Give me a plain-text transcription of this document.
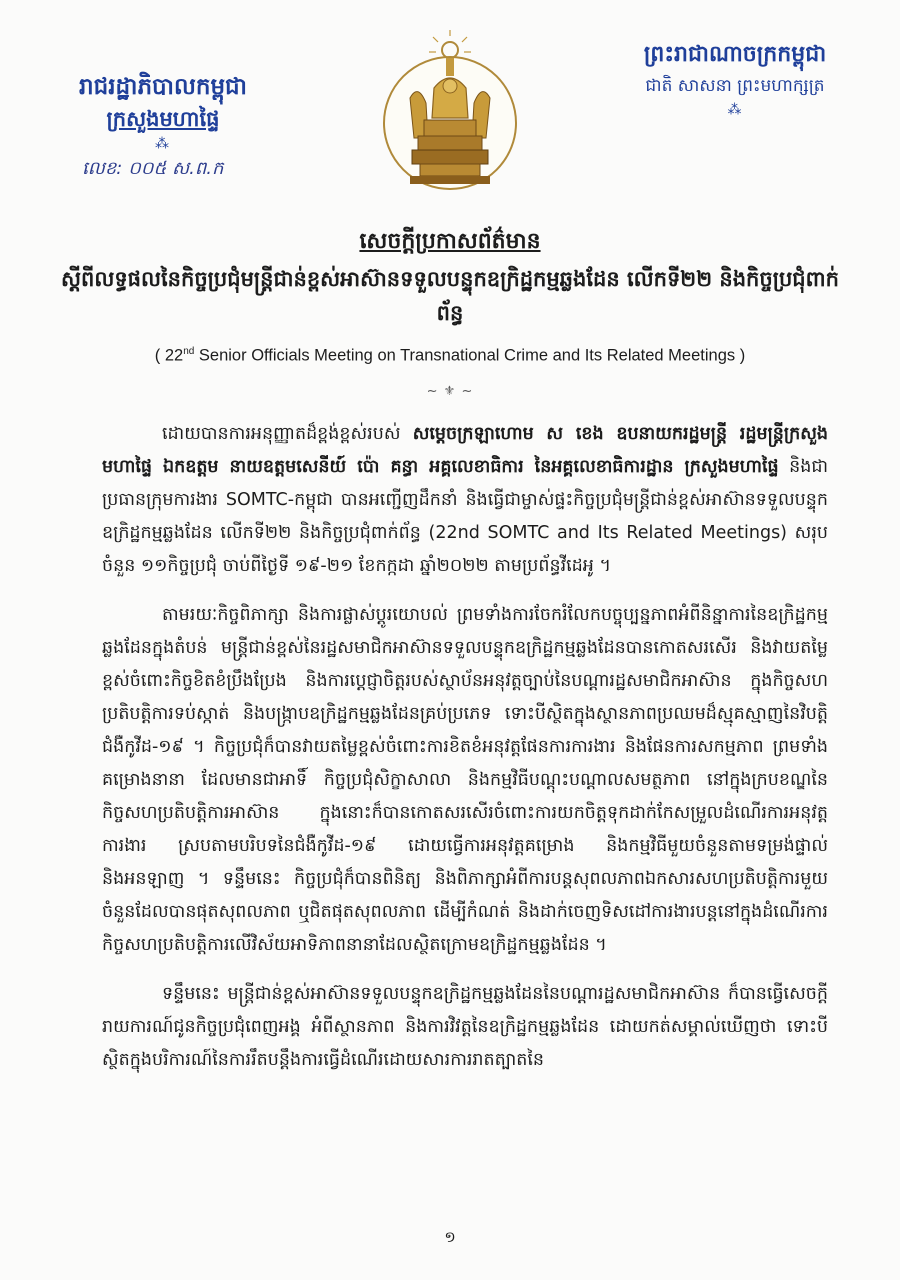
រាជរដ្ឋាភិបាលកម្ពុជា
ក្រសួងមហាផ្ទៃ
⁂
លេខ: ០០៥ ស.ព.ក
ព្រះរាជាណាចក្រកម្ពុជា
ជាតិ សាសនា ព្រះមហាក្សត្រ
⁂
សេចក្តីប្រកាសព័ត៌មាន
ស្តីពីលទ្ធផលនៃកិច្ចប្រជុំមន្ត្រីជាន់ខ្ពស់អាស៊ានទទួលបន្ទុកឧក្រិដ្ឋកម្មឆ្លងដែន លើកទី២២ និងកិច្ចប្រជុំពាក់ព័ន្ធ
( 22nd Senior Officials Meeting on Transnational Crime and Its Related Meetings )
~ ⚜ ~

ដោយបានការអនុញ្ញាតដ៏ខ្ពង់ខ្ពស់របស់ សម្តេចក្រឡាហោម ស ខេង ឧបនាយករដ្ឋមន្ត្រី រដ្ឋមន្ត្រីក្រសួងមហាផ្ទៃ ឯកឧត្តម នាយឧត្តមសេនីយ៍ ប៉ោ គន្ធា អគ្គលេខាធិការ នៃអគ្គលេខាធិការដ្ឋាន ក្រសួងមហាផ្ទៃ និងជាប្រធានក្រុមការងារ SOMTC-កម្ពុជា បានអញ្ជើញដឹកនាំ និងធ្វើជាម្ចាស់ផ្ទះកិច្ចប្រជុំមន្ត្រីជាន់ខ្ពស់អាស៊ានទទួលបន្ទុកឧក្រិដ្ឋកម្មឆ្លងដែន លើកទី២២ និងកិច្ចប្រជុំពាក់ព័ន្ធ (22nd SOMTC and Its Related Meetings) សរុបចំនួន ១១កិច្ចប្រជុំ ចាប់ពីថ្ងៃទី ១៩-២១ ខែកក្កដា ឆ្នាំ២០២២ តាមប្រព័ន្ធវីដេអូ ។

តាមរយៈកិច្ចពិភាក្សា និងការផ្លាស់ប្តូរយោបល់ ព្រមទាំងការចែករំលែកបច្ចុប្បន្នភាពអំពីនិន្នាការនៃឧក្រិដ្ឋកម្មឆ្លងដែនក្នុងតំបន់ មន្ត្រីជាន់ខ្ពស់នៃរដ្ឋសមាជិកអាស៊ានទទួលបន្ទុកឧក្រិដ្ឋកម្មឆ្លងដែនបានកោតសរសើរ និងវាយតម្លៃខ្ពស់ចំពោះកិច្ចខិតខំប្រឹងប្រែង និងការប្តេជ្ញាចិត្តរបស់ស្ថាប័នអនុវត្តច្បាប់នៃបណ្តារដ្ឋសមាជិកអាស៊ាន ក្នុងកិច្ចសហប្រតិបត្តិការទប់ស្កាត់ និងបង្ក្រាបឧក្រិដ្ឋកម្មឆ្លងដែនគ្រប់ប្រភេទ ទោះបីស្ថិតក្នុងស្ថានភាពប្រឈមដ៏ស្មុគស្មាញនៃវិបត្តិជំងឺកូវីដ-១៩ ។ កិច្ចប្រជុំក៏បានវាយតម្លៃខ្ពស់ចំពោះការខិតខំអនុវត្តផែនការការងារ និងផែនការសកម្មភាព ព្រមទាំងគម្រោងនានា ដែលមានជាអាទិ៍ កិច្ចប្រជុំសិក្ខាសាលា និងកម្មវិធីបណ្តុះបណ្តាលសមត្ថភាព នៅក្នុងក្របខណ្ឌនៃកិច្ចសហប្រតិបត្តិការអាស៊ាន ក្នុងនោះក៏បានកោតសរសើរចំពោះការយកចិត្តទុកដាក់កែសម្រួលដំណើរការអនុវត្តការងារ ស្របតាមបរិបទនៃជំងឺកូវីដ-១៩ ដោយធ្វើការអនុវត្តគម្រោង និងកម្មវិធីមួយចំនួនតាមទម្រង់ផ្ទាល់ និងអនឡាញ ។ ទន្ទឹមនេះ កិច្ចប្រជុំក៏បានពិនិត្យ និងពិភាក្សាអំពីការបន្តសុពលភាពឯកសារសហប្រតិបត្តិការមួយចំនួនដែលបានផុតសុពលភាព ឬជិតផុតសុពលភាព ដើម្បីកំណត់ និងដាក់ចេញទិសដៅការងារបន្តនៅក្នុងដំណើរការកិច្ចសហប្រតិបត្តិការលើវិស័យអាទិភាពនានាដែលស្ថិតក្រោមឧក្រិដ្ឋកម្មឆ្លងដែន ។

ទន្ទឹមនេះ មន្ត្រីជាន់ខ្ពស់អាស៊ានទទួលបន្ទុកឧក្រិដ្ឋកម្មឆ្លងដែននៃបណ្តារដ្ឋសមាជិកអាស៊ាន ក៏បានធ្វើសេចក្តីរាយការណ៍ជូនកិច្ចប្រជុំពេញអង្គ អំពីស្ថានភាព និងការវិវត្តនៃឧក្រិដ្ឋកម្មឆ្លងដែន ដោយកត់សម្គាល់ឃើញថា ទោះបីស្ថិតក្នុងបរិការណ៍នៃការរឹតបន្តឹងការធ្វើដំណើរដោយសារការរាតត្បាតនៃ

១
